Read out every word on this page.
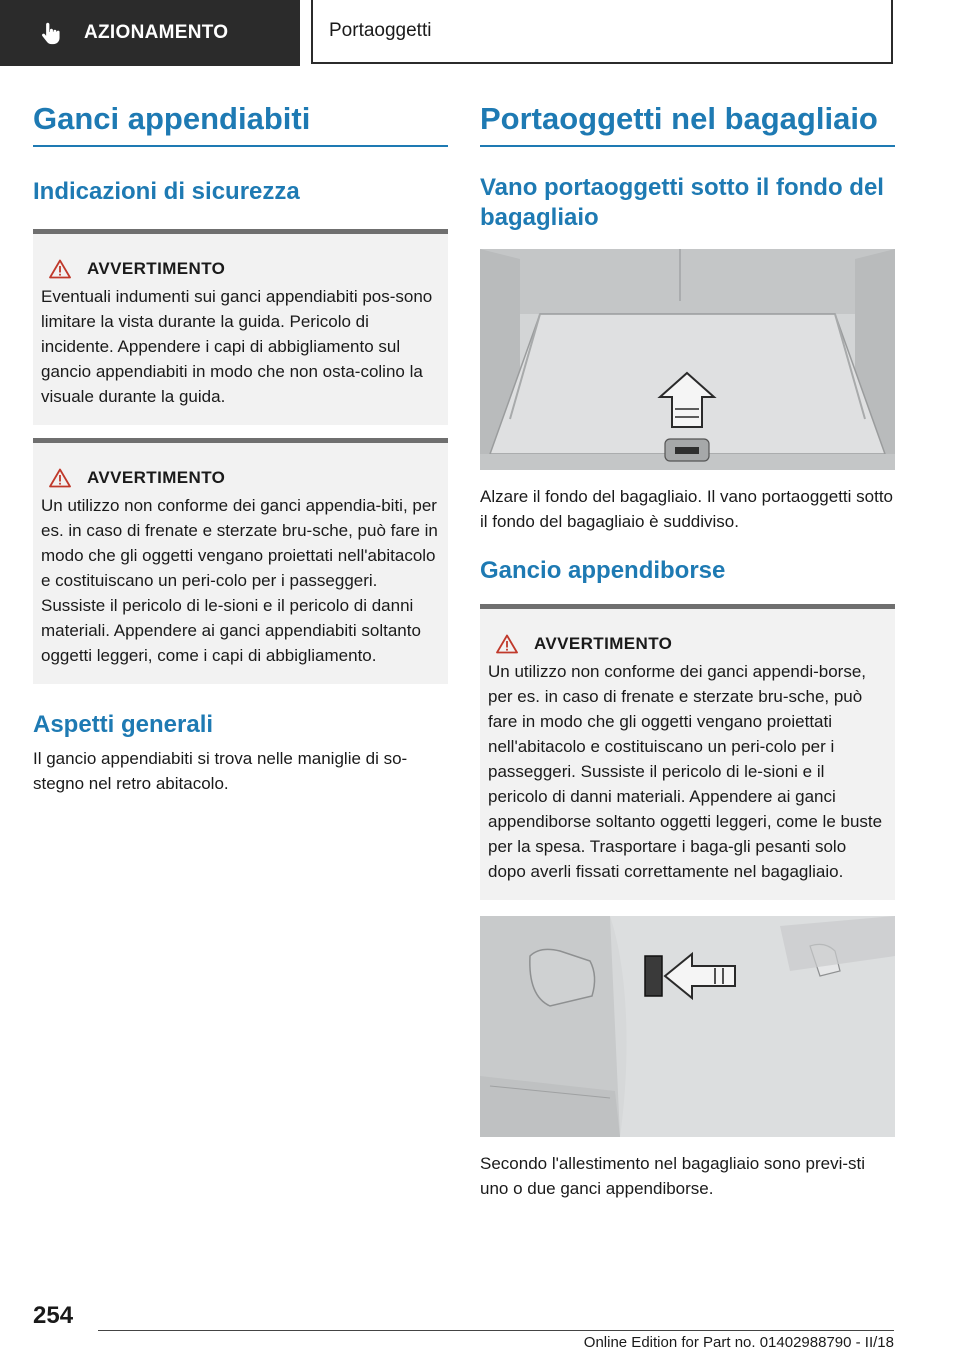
AZIONAMENTO	Portaoggetti
Ganci appendiabiti
Indicazioni di sicurezza
AVVERTIMENTO
Eventuali indumenti sui ganci appendiabiti pos-sono limitare la vista durante la guida. Pericolo di incidente. Appendere i capi di abbigliamento sul gancio appendiabiti in modo che non osta-colino la visuale durante la guida.
AVVERTIMENTO
Un utilizzo non conforme dei ganci appendia-biti, per es. in caso di frenate e sterzate bru-sche, può fare in modo che gli oggetti vengano proiettati nell'abitacolo e costituiscano un peri-colo per i passeggeri. Sussiste il pericolo di le-sioni e il pericolo di danni materiali. Appendere ai ganci appendiabiti soltanto oggetti leggeri, come i capi di abbigliamento.
Aspetti generali

Il gancio appendiabiti si trova nelle maniglie di so-stegno nel retro abitacolo.

Portaoggetti nel bagagliaio
Vano portaoggetti sotto il fondo del bagagliaio

Alzare il fondo del bagagliaio. Il vano portaoggetti sotto il fondo del bagagliaio è suddiviso.

Gancio appendiborse
AVVERTIMENTO
Un utilizzo non conforme dei ganci appendi-borse, per es. in caso di frenate e sterzate bru-sche, può fare in modo che gli oggetti vengano proiettati nell'abitacolo e costituiscano un peri-colo per i passeggeri. Sussiste il pericolo di le-sioni e il pericolo di danni materiali. Appendere ai ganci appendiborse soltanto oggetti leggeri, come le buste per la spesa. Trasportare i baga-gli pesanti solo dopo averli fissati correttamente nel bagagliaio.

Secondo l'allestimento nel bagagliaio sono previ-sti uno o due ganci appendiborse.

254
Online Edition for Part no. 01402988790 - II/18
